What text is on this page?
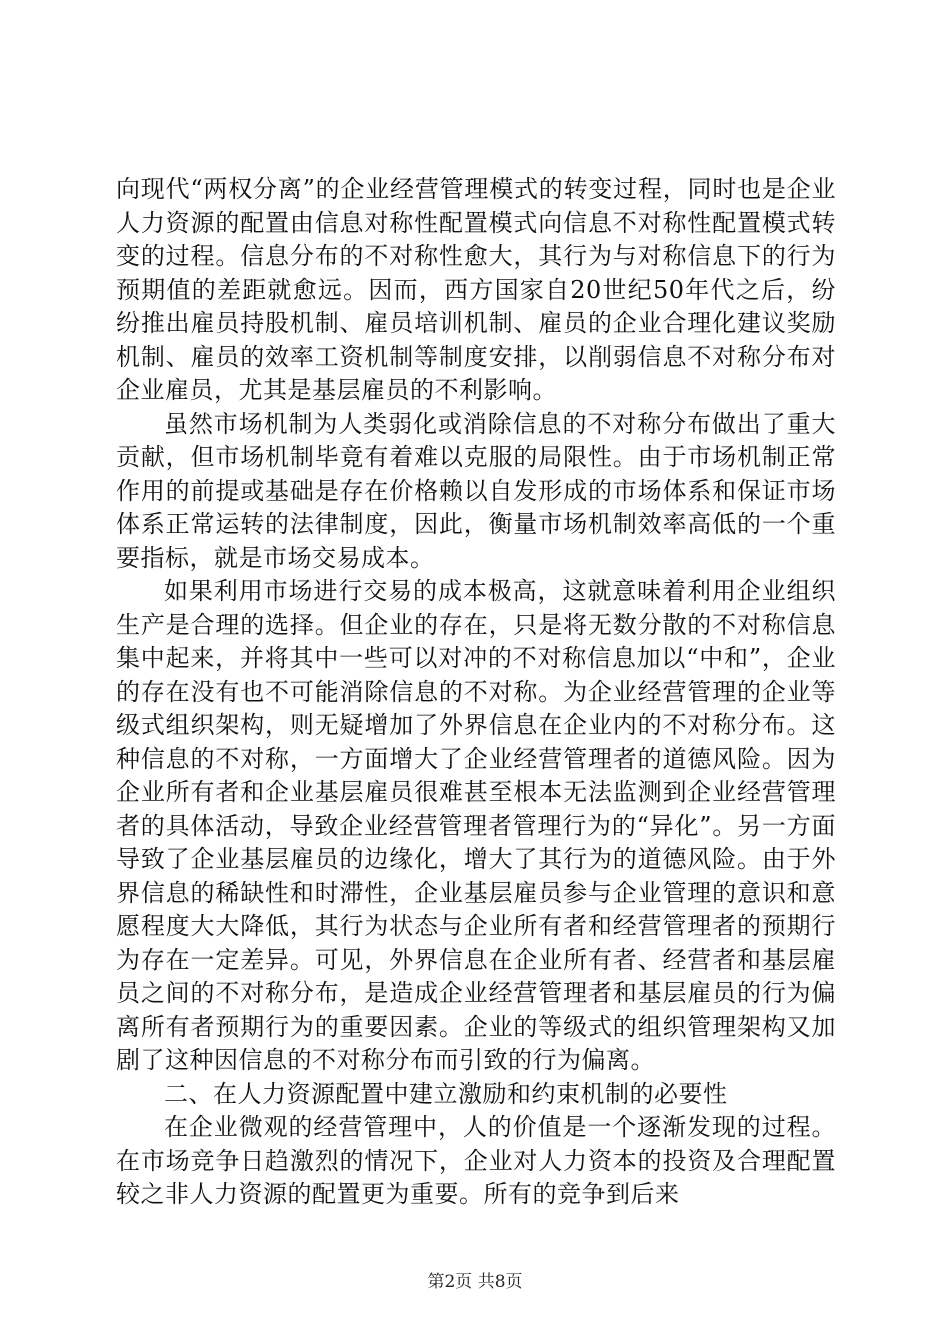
向现代“两权分离”的企业经营管理模式的转变过程，同时也是企业人力资源的配置由信息对称性配置模式向信息不对称性配置模式转变的过程。信息分布的不对称性愈大，其行为与对称信息下的行为预期值的差距就愈远。因而，西方国家自20世纪50年代之后，纷纷推出雇员持股机制、雇员培训机制、雇员的企业合理化建议奖励机制、雇员的效率工资机制等制度安排，以削弱信息不对称分布对企业雇员，尤其是基层雇员的不利影响。

虽然市场机制为人类弱化或消除信息的不对称分布做出了重大贡献，但市场机制毕竟有着难以克服的局限性。由于市场机制正常作用的前提或基础是存在价格赖以自发形成的市场体系和保证市场体系正常运转的法律制度，因此，衡量市场机制效率高低的一个重要指标，就是市场交易成本。

如果利用市场进行交易的成本极高，这就意味着利用企业组织生产是合理的选择。但企业的存在，只是将无数分散的不对称信息集中起来，并将其中一些可以对冲的不对称信息加以“中和”，企业的存在没有也不可能消除信息的不对称。为企业经营管理的企业等级式组织架构，则无疑增加了外界信息在企业内的不对称分布。这种信息的不对称，一方面增大了企业经营管理者的道德风险。因为企业所有者和企业基层雇员很难甚至根本无法监测到企业经营管理者的具体活动，导致企业经营管理者管理行为的“异化”。另一方面导致了企业基层雇员的边缘化，增大了其行为的道德风险。由于外界信息的稀缺性和时滞性，企业基层雇员参与企业管理的意识和意愿程度大大降低，其行为状态与企业所有者和经营管理者的预期行为存在一定差异。可见，外界信息在企业所有者、经营者和基层雇员之间的不对称分布，是造成企业经营管理者和基层雇员的行为偏离所有者预期行为的重要因素。企业的等级式的组织管理架构又加剧了这种因信息的不对称分布而引致的行为偏离。

二、在人力资源配置中建立激励和约束机制的必要性

在企业微观的经营管理中，人的价值是一个逐渐发现的过程。在市场竞争日趋激烈的情况下，企业对人力资本的投资及合理配置较之非人力资源的配置更为重要。所有的竞争到后来

第2页 共8页
